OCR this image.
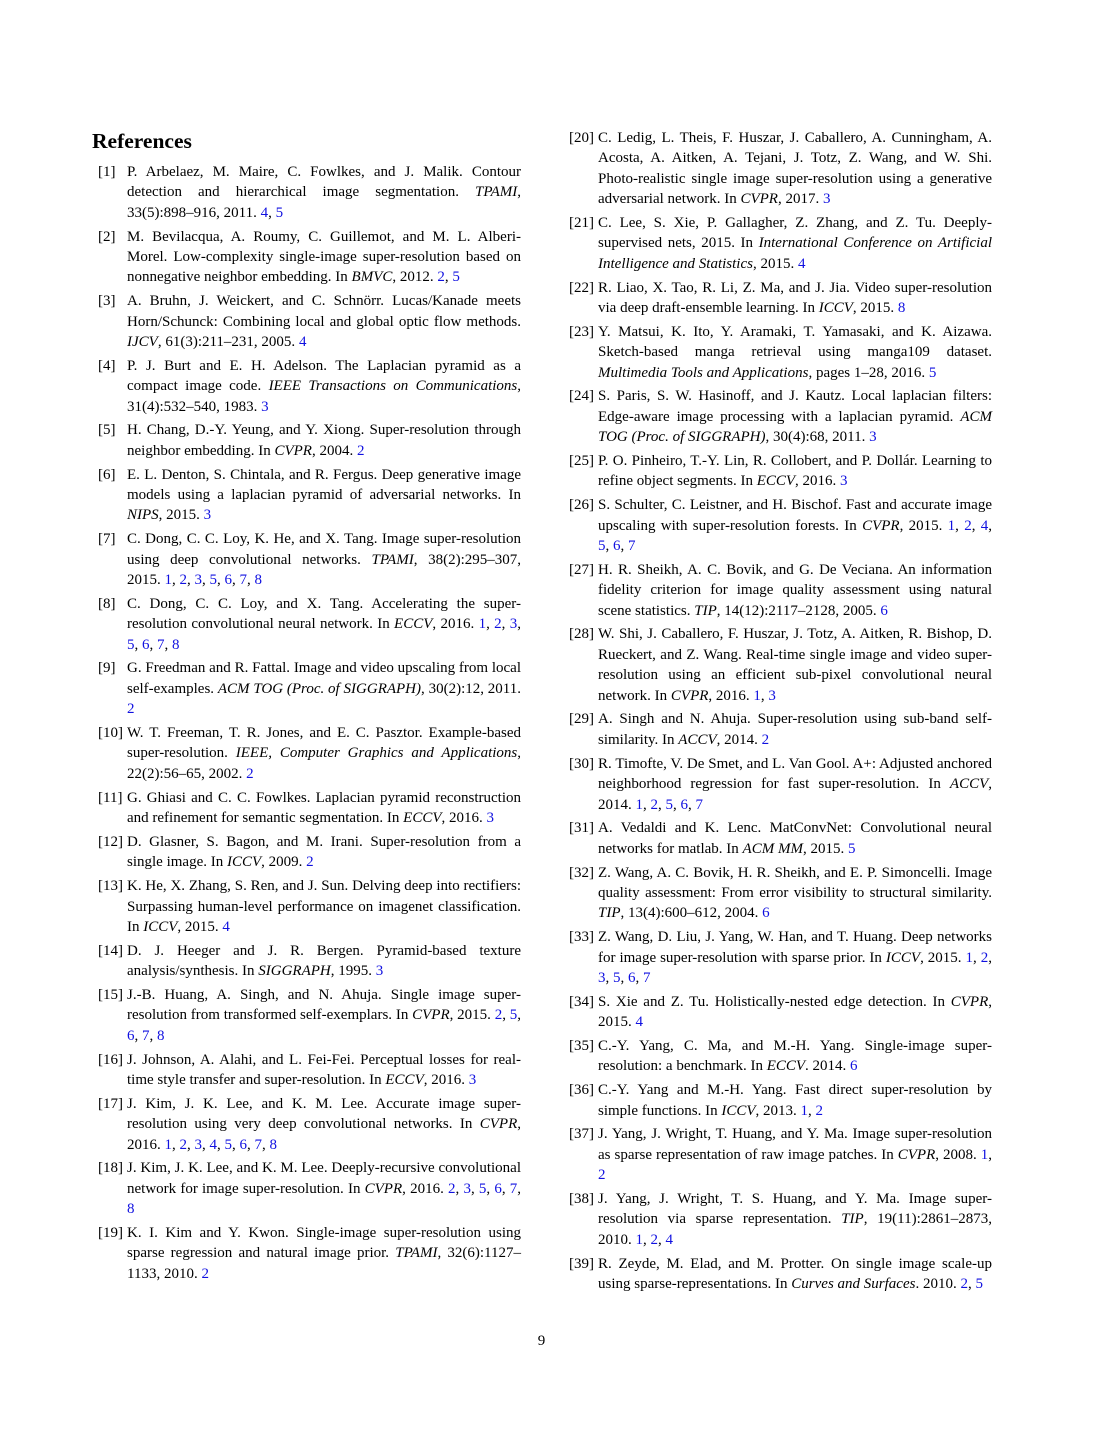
References
[1] P. Arbelaez, M. Maire, C. Fowlkes, and J. Malik. Contour detection and hierarchical image segmentation. TPAMI, 33(5):898–916, 2011. 4, 5
[2] M. Bevilacqua, A. Roumy, C. Guillemot, and M. L. Alberi-Morel. Low-complexity single-image super-resolution based on nonnegative neighbor embedding. In BMVC, 2012. 2, 5
[3] A. Bruhn, J. Weickert, and C. Schnörr. Lucas/Kanade meets Horn/Schunck: Combining local and global optic flow methods. IJCV, 61(3):211–231, 2005. 4
[4] P. J. Burt and E. H. Adelson. The Laplacian pyramid as a compact image code. IEEE Transactions on Communications, 31(4):532–540, 1983. 3
[5] H. Chang, D.-Y. Yeung, and Y. Xiong. Super-resolution through neighbor embedding. In CVPR, 2004. 2
[6] E. L. Denton, S. Chintala, and R. Fergus. Deep generative image models using a laplacian pyramid of adversarial networks. In NIPS, 2015. 3
[7] C. Dong, C. C. Loy, K. He, and X. Tang. Image super-resolution using deep convolutional networks. TPAMI, 38(2):295–307, 2015. 1, 2, 3, 5, 6, 7, 8
[8] C. Dong, C. C. Loy, and X. Tang. Accelerating the super-resolution convolutional neural network. In ECCV, 2016. 1, 2, 3, 5, 6, 7, 8
[9] G. Freedman and R. Fattal. Image and video upscaling from local self-examples. ACM TOG (Proc. of SIGGRAPH), 30(2):12, 2011. 2
[10] W. T. Freeman, T. R. Jones, and E. C. Pasztor. Example-based super-resolution. IEEE, Computer Graphics and Applications, 22(2):56–65, 2002. 2
[11] G. Ghiasi and C. C. Fowlkes. Laplacian pyramid reconstruction and refinement for semantic segmentation. In ECCV, 2016. 3
[12] D. Glasner, S. Bagon, and M. Irani. Super-resolution from a single image. In ICCV, 2009. 2
[13] K. He, X. Zhang, S. Ren, and J. Sun. Delving deep into rectifiers: Surpassing human-level performance on imagenet classification. In ICCV, 2015. 4
[14] D. J. Heeger and J. R. Bergen. Pyramid-based texture analysis/synthesis. In SIGGRAPH, 1995. 3
[15] J.-B. Huang, A. Singh, and N. Ahuja. Single image super-resolution from transformed self-exemplars. In CVPR, 2015. 2, 5, 6, 7, 8
[16] J. Johnson, A. Alahi, and L. Fei-Fei. Perceptual losses for real-time style transfer and super-resolution. In ECCV, 2016. 3
[17] J. Kim, J. K. Lee, and K. M. Lee. Accurate image super-resolution using very deep convolutional networks. In CVPR, 2016. 1, 2, 3, 4, 5, 6, 7, 8
[18] J. Kim, J. K. Lee, and K. M. Lee. Deeply-recursive convolutional network for image super-resolution. In CVPR, 2016. 2, 3, 5, 6, 7, 8
[19] K. I. Kim and Y. Kwon. Single-image super-resolution using sparse regression and natural image prior. TPAMI, 32(6):1127–1133, 2010. 2
[20] C. Ledig, L. Theis, F. Huszar, J. Caballero, A. Cunningham, A. Acosta, A. Aitken, A. Tejani, J. Totz, Z. Wang, and W. Shi. Photo-realistic single image super-resolution using a generative adversarial network. In CVPR, 2017. 3
[21] C. Lee, S. Xie, P. Gallagher, Z. Zhang, and Z. Tu. Deeply-supervised nets, 2015. In International Conference on Artificial Intelligence and Statistics, 2015. 4
[22] R. Liao, X. Tao, R. Li, Z. Ma, and J. Jia. Video super-resolution via deep draft-ensemble learning. In ICCV, 2015. 8
[23] Y. Matsui, K. Ito, Y. Aramaki, T. Yamasaki, and K. Aizawa. Sketch-based manga retrieval using manga109 dataset. Multimedia Tools and Applications, pages 1–28, 2016. 5
[24] S. Paris, S. W. Hasinoff, and J. Kautz. Local laplacian filters: Edge-aware image processing with a laplacian pyramid. ACM TOG (Proc. of SIGGRAPH), 30(4):68, 2011. 3
[25] P. O. Pinheiro, T.-Y. Lin, R. Collobert, and P. Dollár. Learning to refine object segments. In ECCV, 2016. 3
[26] S. Schulter, C. Leistner, and H. Bischof. Fast and accurate image upscaling with super-resolution forests. In CVPR, 2015. 1, 2, 4, 5, 6, 7
[27] H. R. Sheikh, A. C. Bovik, and G. De Veciana. An information fidelity criterion for image quality assessment using natural scene statistics. TIP, 14(12):2117–2128, 2005. 6
[28] W. Shi, J. Caballero, F. Huszar, J. Totz, A. Aitken, R. Bishop, D. Rueckert, and Z. Wang. Real-time single image and video super-resolution using an efficient sub-pixel convolutional neural network. In CVPR, 2016. 1, 3
[29] A. Singh and N. Ahuja. Super-resolution using sub-band self-similarity. In ACCV, 2014. 2
[30] R. Timofte, V. De Smet, and L. Van Gool. A+: Adjusted anchored neighborhood regression for fast super-resolution. In ACCV, 2014. 1, 2, 5, 6, 7
[31] A. Vedaldi and K. Lenc. MatConvNet: Convolutional neural networks for matlab. In ACM MM, 2015. 5
[32] Z. Wang, A. C. Bovik, H. R. Sheikh, and E. P. Simoncelli. Image quality assessment: From error visibility to structural similarity. TIP, 13(4):600–612, 2004. 6
[33] Z. Wang, D. Liu, J. Yang, W. Han, and T. Huang. Deep networks for image super-resolution with sparse prior. In ICCV, 2015. 1, 2, 3, 5, 6, 7
[34] S. Xie and Z. Tu. Holistically-nested edge detection. In CVPR, 2015. 4
[35] C.-Y. Yang, C. Ma, and M.-H. Yang. Single-image super-resolution: a benchmark. In ECCV. 2014. 6
[36] C.-Y. Yang and M.-H. Yang. Fast direct super-resolution by simple functions. In ICCV, 2013. 1, 2
[37] J. Yang, J. Wright, T. Huang, and Y. Ma. Image super-resolution as sparse representation of raw image patches. In CVPR, 2008. 1, 2
[38] J. Yang, J. Wright, T. S. Huang, and Y. Ma. Image super-resolution via sparse representation. TIP, 19(11):2861–2873, 2010. 1, 2, 4
[39] R. Zeyde, M. Elad, and M. Protter. On single image scale-up using sparse-representations. In Curves and Surfaces. 2010. 2, 5
9
